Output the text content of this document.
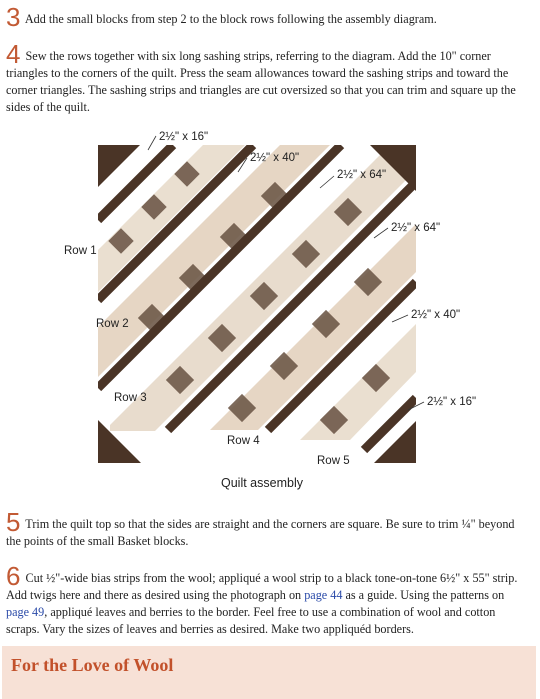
3 Add the small blocks from step 2 to the block rows following the assembly diagram.
4 Sew the rows together with six long sashing strips, referring to the diagram. Add the 10" corner triangles to the corners of the quilt. Press the seam allowances toward the sashing strips and toward the corner triangles. The sashing strips and triangles are cut oversized so that you can trim and square up the sides of the quilt.
2½" x 16"
2½" x 40"
2½" x 64"
2½" x 64"
2½" x 40"
2½" x 16"
Row 1
Row 2
Row 3
Row 4
Row 5
Quilt assembly
5 Trim the quilt top so that the sides are straight and the corners are square. Be sure to trim ¼" beyond the points of the small Basket blocks.
6 Cut ½"-wide bias strips from the wool; appliqué a wool strip to a black tone-on-tone 6½" x 55" strip. Add twigs here and there as desired using the photograph on page 44 as a guide. Using the patterns on page 49, appliqué leaves and berries to the border. Feel free to use a combination of wool and cotton scraps. Vary the sizes of leaves and berries as desired. Make two appliquéd borders.
For the Love of Wool
